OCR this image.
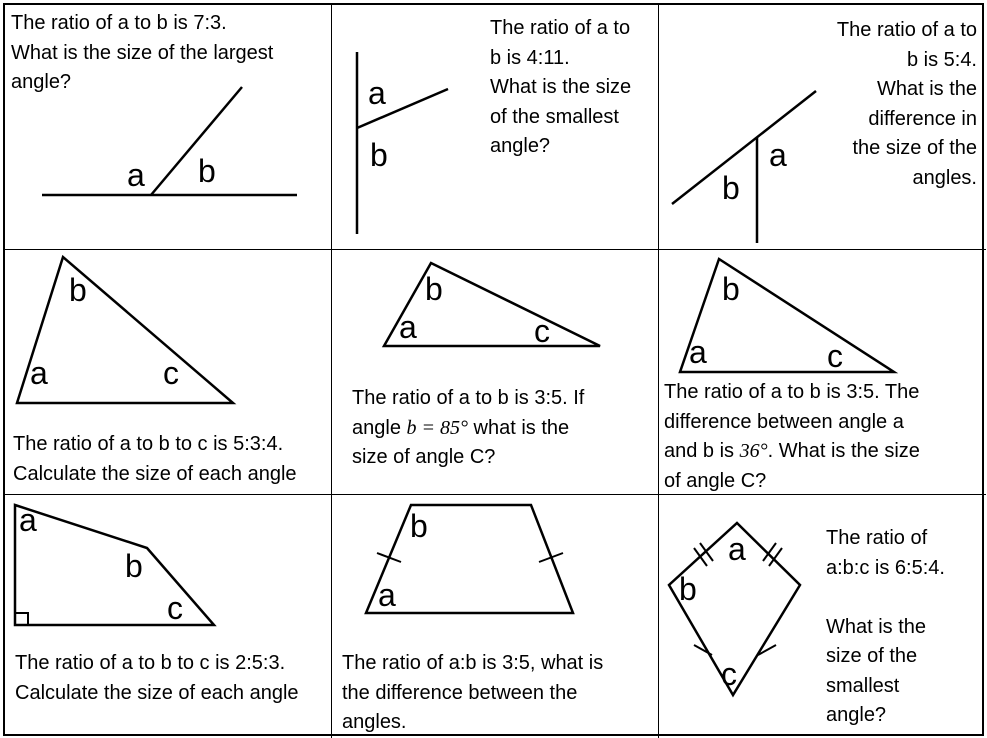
The ratio of a to b is 7:3.
What is the size of the largest
angle?
a b
The ratio of a to
b is 4:11.
What is the size
of the smallest
angle?
a
b
The ratio of a to
b is 5:4.
What is the
difference in
the size of the
angles.
a
b
b
a	c
The ratio of a to b to c is 5:3:4.
Calculate the size of each angle
b
a	c
The ratio of a to b is 3:5. If
angle b = 85° what is the
size of angle C?
b
a	c
The ratio of a to b is 3:5. The
difference between angle a
and b is 36°. What is the size
of angle C?
a
b
c
The ratio of a to b to c is 2:5:3.
Calculate the size of each angle
b
a
The ratio of a:b is 3:5, what is
the difference between the
angles.
a
b
c
The ratio of
a:b:c is 6:5:4.
What is the
size of the
smallest
angle?
